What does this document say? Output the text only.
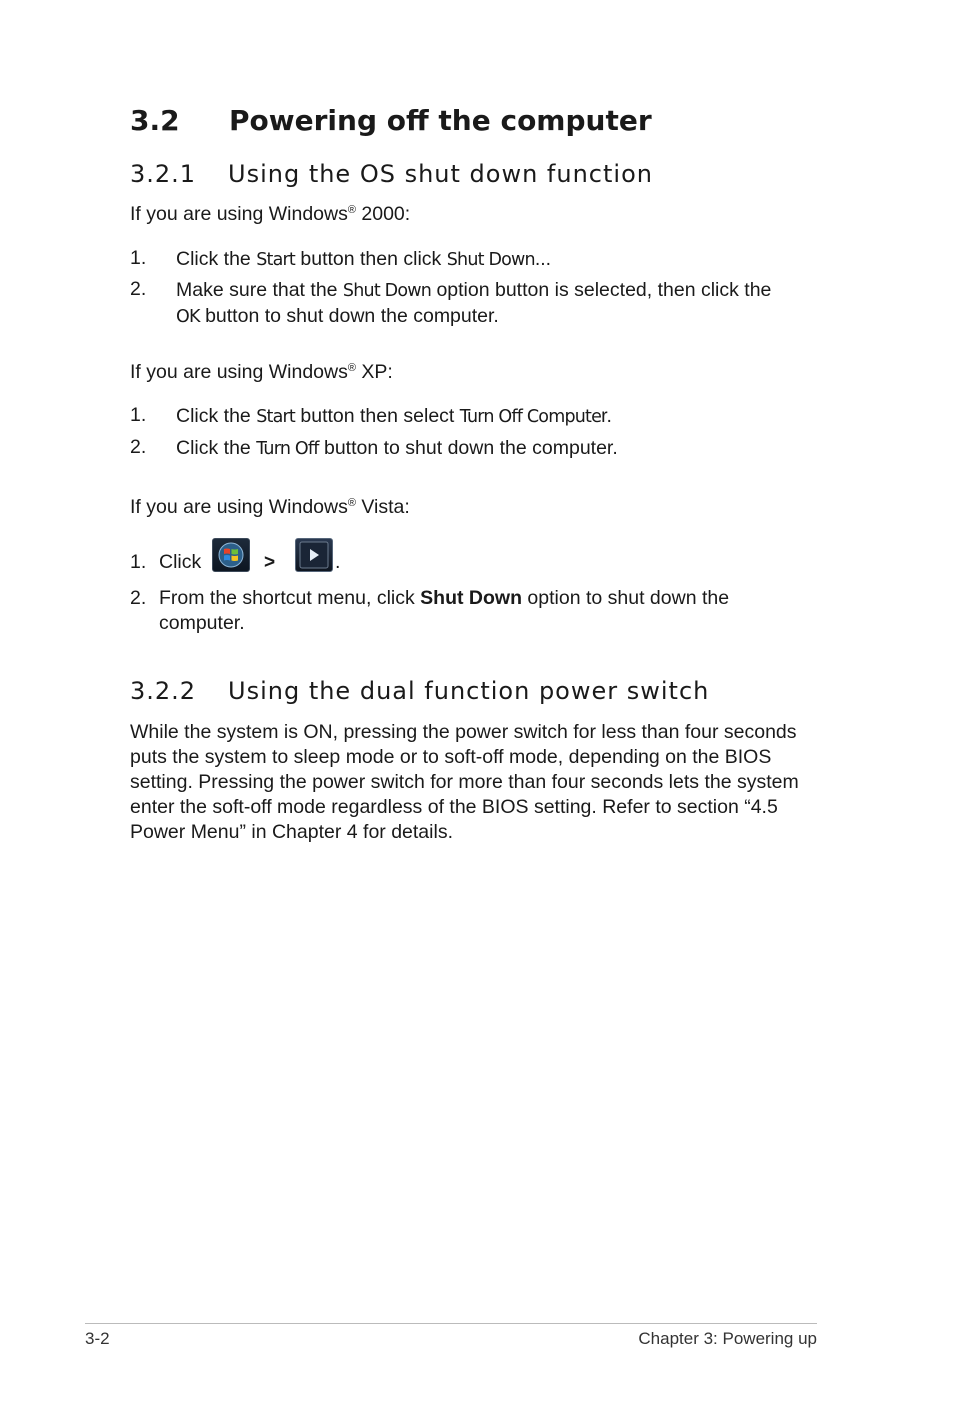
3.2 Powering off the computer
3.2.1 Using the OS shut down function
If you are using Windows® 2000:
1. Click the Start button then click Shut Down...
2. Make sure that the Shut Down option button is selected, then click the OK button to shut down the computer.
If you are using Windows® XP:
1. Click the Start button then select Turn Off Computer.
2. Click the Turn Off button to shut down the computer.
If you are using Windows® Vista:
1. Click	>	.
2. From the shortcut menu, click Shut Down option to shut down the computer.
3.2.2 Using the dual function power switch
While the system is ON, pressing the power switch for less than four seconds puts the system to sleep mode or to soft-off mode, depending on the BIOS setting. Pressing the power switch for more than four seconds lets the system enter the soft-off mode regardless of the BIOS setting. Refer to section “4.5 Power Menu” in Chapter 4 for details.
3-2	Chapter 3: Powering up
